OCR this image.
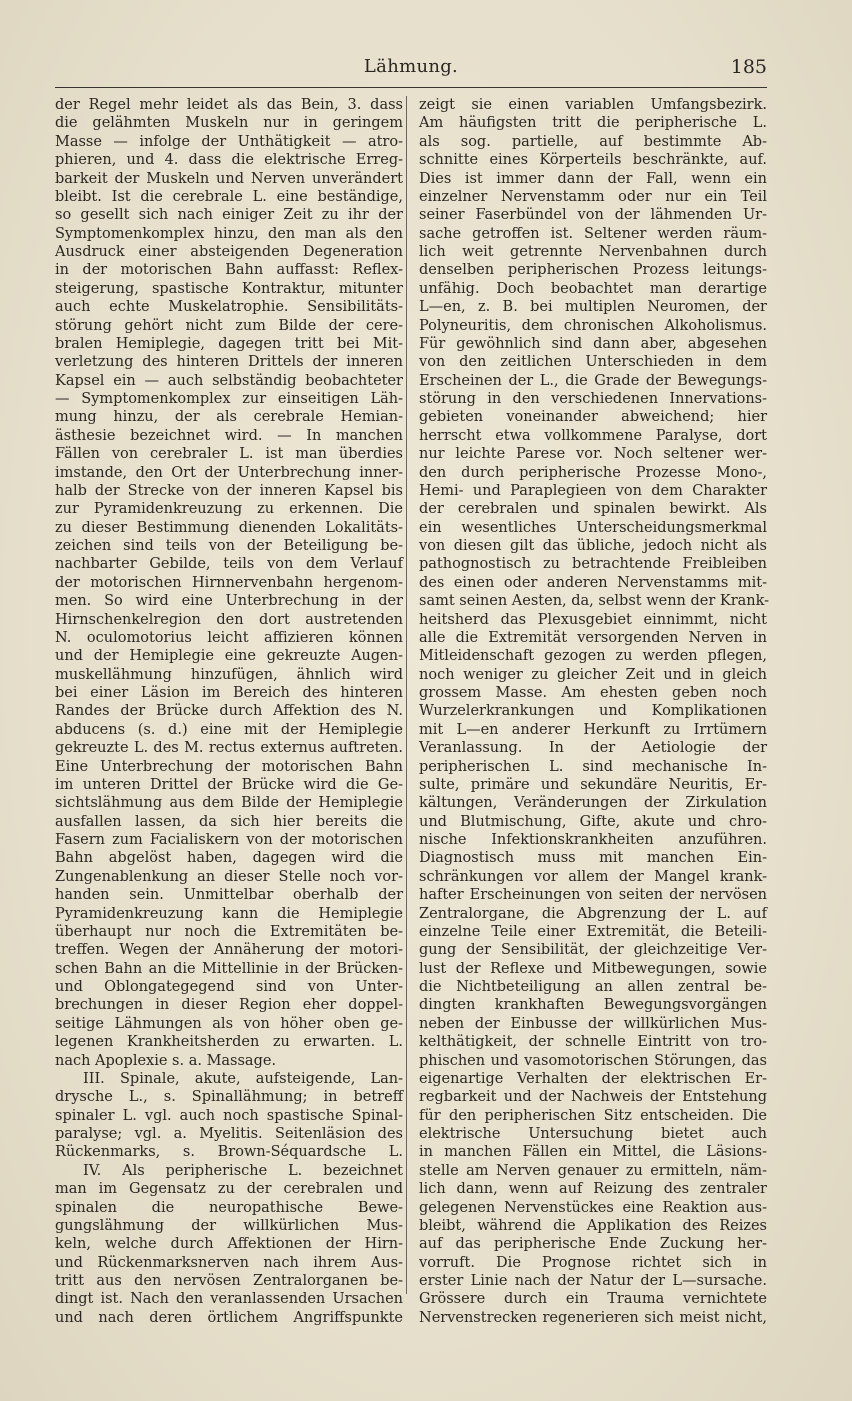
Lähmung.	185
der Regel mehr leidet als das Bein, 3. dass
die gelähmten Muskeln nur in geringem
Masse — infolge der Unthätigkeit — atro-
phieren, und 4. dass die elektrische Erreg-
barkeit der Muskeln und Nerven unverändert
bleibt. Ist die cerebrale L. eine beständige,
so gesellt sich nach einiger Zeit zu ihr der
Symptomenkomplex hinzu, den man als den
Ausdruck einer absteigenden Degeneration
in der motorischen Bahn auffasst: Reflex-
steigerung, spastische Kontraktur, mitunter
auch echte Muskelatrophie. Sensibilitäts-
störung gehört nicht zum Bilde der cere-
bralen Hemiplegie, dagegen tritt bei Mit-
verletzung des hinteren Drittels der inneren
Kapsel ein — auch selbständig beobachteter
— Symptomenkomplex zur einseitigen Läh-
mung hinzu, der als cerebrale Hemian-
ästhesie bezeichnet wird. — In manchen
Fällen von cerebraler L. ist man überdies
imstande, den Ort der Unterbrechung inner-
halb der Strecke von der inneren Kapsel bis
zur Pyramidenkreuzung zu erkennen. Die
zu dieser Bestimmung dienenden Lokalitäts-
zeichen sind teils von der Beteiligung be-
nachbarter Gebilde, teils von dem Verlauf
der motorischen Hirnnervenbahn hergenom-
men. So wird eine Unterbrechung in der
Hirnschenkelregion den dort austretenden
N. oculomotorius leicht affizieren können
und der Hemiplegie eine gekreuzte Augen-
muskellähmung hinzufügen, ähnlich wird
bei einer Läsion im Bereich des hinteren
Randes der Brücke durch Affektion des N.
abducens (s. d.) eine mit der Hemiplegie
gekreuzte L. des M. rectus externus auftreten.
Eine Unterbrechung der motorischen Bahn
im unteren Drittel der Brücke wird die Ge-
sichtslähmung aus dem Bilde der Hemiplegie
ausfallen lassen, da sich hier bereits die
Fasern zum Facialiskern von der motorischen
Bahn abgelöst haben, dagegen wird die
Zungenablenkung an dieser Stelle noch vor-
handen sein. Unmittelbar oberhalb der
Pyramidenkreuzung kann die Hemiplegie
überhaupt nur noch die Extremitäten be-
treffen. Wegen der Annäherung der motori-
schen Bahn an die Mittellinie in der Brücken-
und Oblongategegend sind von Unter-
brechungen in dieser Region eher doppel-
seitige Lähmungen als von höher oben ge-
legenen Krankheitsherden zu erwarten. L.
nach Apoplexie s. a. Massage.
III. Spinale, akute, aufsteigende, Lan-
drysche L., s. Spinallähmung; in betreff
spinaler L. vgl. auch noch spastische Spinal-
paralyse; vgl. a. Myelitis. Seitenläsion des
Rückenmarks, s. Brown-Séquardsche L.
IV. Als peripherische L. bezeichnet
man im Gegensatz zu der cerebralen und
spinalen die neuropathische Bewe-
gungslähmung der willkürlichen Mus-
keln, welche durch Affektionen der Hirn-
und Rückenmarksnerven nach ihrem Aus-
tritt aus den nervösen Zentralorganen be-
dingt ist. Nach den veranlassenden Ursachen
und nach deren örtlichem Angriffspunkte
zeigt sie einen variablen Umfangsbezirk.
Am häufigsten tritt die peripherische L.
als sog. partielle, auf bestimmte Ab-
schnitte eines Körperteils beschränkte, auf.
Dies ist immer dann der Fall, wenn ein
einzelner Nervenstamm oder nur ein Teil
seiner Faserbündel von der lähmenden Ur-
sache getroffen ist. Seltener werden räum-
lich weit getrennte Nervenbahnen durch
denselben peripherischen Prozess leitungs-
unfähig. Doch beobachtet man derartige
L—en, z. B. bei multiplen Neuromen, der
Polyneuritis, dem chronischen Alkoholismus.
Für gewöhnlich sind dann aber, abgesehen
von den zeitlichen Unterschieden in dem
Erscheinen der L., die Grade der Bewegungs-
störung in den verschiedenen Innervations-
gebieten voneinander abweichend; hier
herrscht etwa vollkommene Paralyse, dort
nur leichte Parese vor. Noch seltener wer-
den durch peripherische Prozesse Mono-,
Hemi- und Paraplegieen von dem Charakter
der cerebralen und spinalen bewirkt. Als
ein wesentliches Unterscheidungsmerkmal
von diesen gilt das übliche, jedoch nicht als
pathognostisch zu betrachtende Freibleiben
des einen oder anderen Nervenstamms mit-
samt seinen Aesten, da, selbst wenn der Krank-
heitsherd das Plexusgebiet einnimmt, nicht
alle die Extremität versorgenden Nerven in
Mitleidenschaft gezogen zu werden pflegen,
noch weniger zu gleicher Zeit und in gleich
grossem Masse. Am ehesten geben noch
Wurzelerkrankungen und Komplikationen
mit L—en anderer Herkunft zu Irrtümern
Veranlassung. In der Aetiologie der
peripherischen L. sind mechanische In-
sulte, primäre und sekundäre Neuritis, Er-
kältungen, Veränderungen der Zirkulation
und Blutmischung, Gifte, akute und chro-
nische Infektionskrankheiten anzuführen.
Diagnostisch muss mit manchen Ein-
schränkungen vor allem der Mangel krank-
hafter Erscheinungen von seiten der nervösen
Zentralorgane, die Abgrenzung der L. auf
einzelne Teile einer Extremität, die Beteili-
gung der Sensibilität, der gleichzeitige Ver-
lust der Reflexe und Mitbewegungen, sowie
die Nichtbeteiligung an allen zentral be-
dingten krankhaften Bewegungsvorgängen
neben der Einbusse der willkürlichen Mus-
kelthätigkeit, der schnelle Eintritt von tro-
phischen und vasomotorischen Störungen, das
eigenartige Verhalten der elektrischen Er-
regbarkeit und der Nachweis der Entstehung
für den peripherischen Sitz entscheiden. Die
elektrische Untersuchung bietet auch
in manchen Fällen ein Mittel, die Läsions-
stelle am Nerven genauer zu ermitteln, näm-
lich dann, wenn auf Reizung des zentraler
gelegenen Nervenstückes eine Reaktion aus-
bleibt, während die Applikation des Reizes
auf das peripherische Ende Zuckung her-
vorruft. Die Prognose richtet sich in
erster Linie nach der Natur der L—sursache.
Grössere durch ein Trauma vernichtete
Nervenstrecken regenerieren sich meist nicht,
